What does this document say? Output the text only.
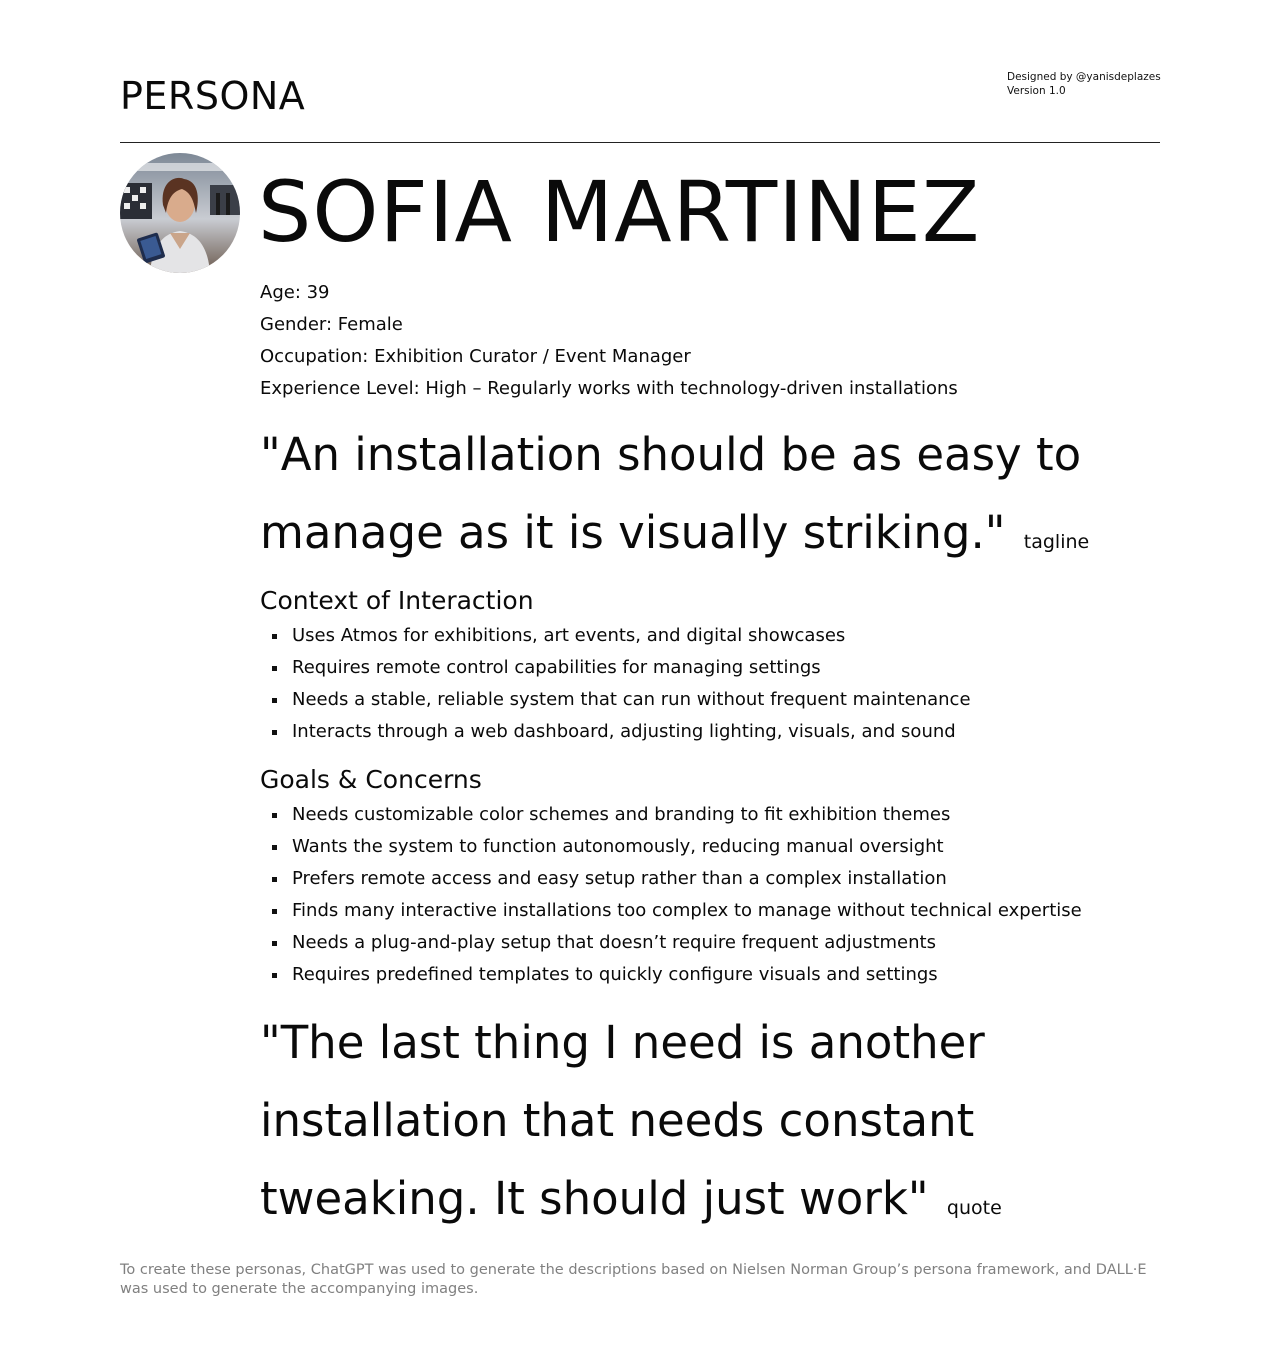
PERSONA	Designed by @yanisdeplazes
Version 1.0
SOFIA MARTINEZ
Age: 39
Gender: Female
Occupation: Exhibition Curator / Event Manager
Experience Level: High – Regularly works with technology-driven installations

"An installation should be as easy to manage as it is visually striking." tagline

Context of Interaction
Uses Atmos for exhibitions, art events, and digital showcases
Requires remote control capabilities for managing settings
Needs a stable, reliable system that can run without frequent maintenance
Interacts through a web dashboard, adjusting lighting, visuals, and sound
Goals & Concerns
Needs customizable color schemes and branding to fit exhibition themes
Wants the system to function autonomously, reducing manual oversight
Prefers remote access and easy setup rather than a complex installation
Finds many interactive installations too complex to manage without technical expertise
Needs a plug-and-play setup that doesn’t require frequent adjustments
Requires predefined templates to quickly configure visuals and settings

"The last thing I need is another installation that needs constant tweaking. It should just work" quote

To create these personas, ChatGPT was used to generate the descriptions based on Nielsen Norman Group’s persona framework, and DALL·E was used to generate the accompanying images.
